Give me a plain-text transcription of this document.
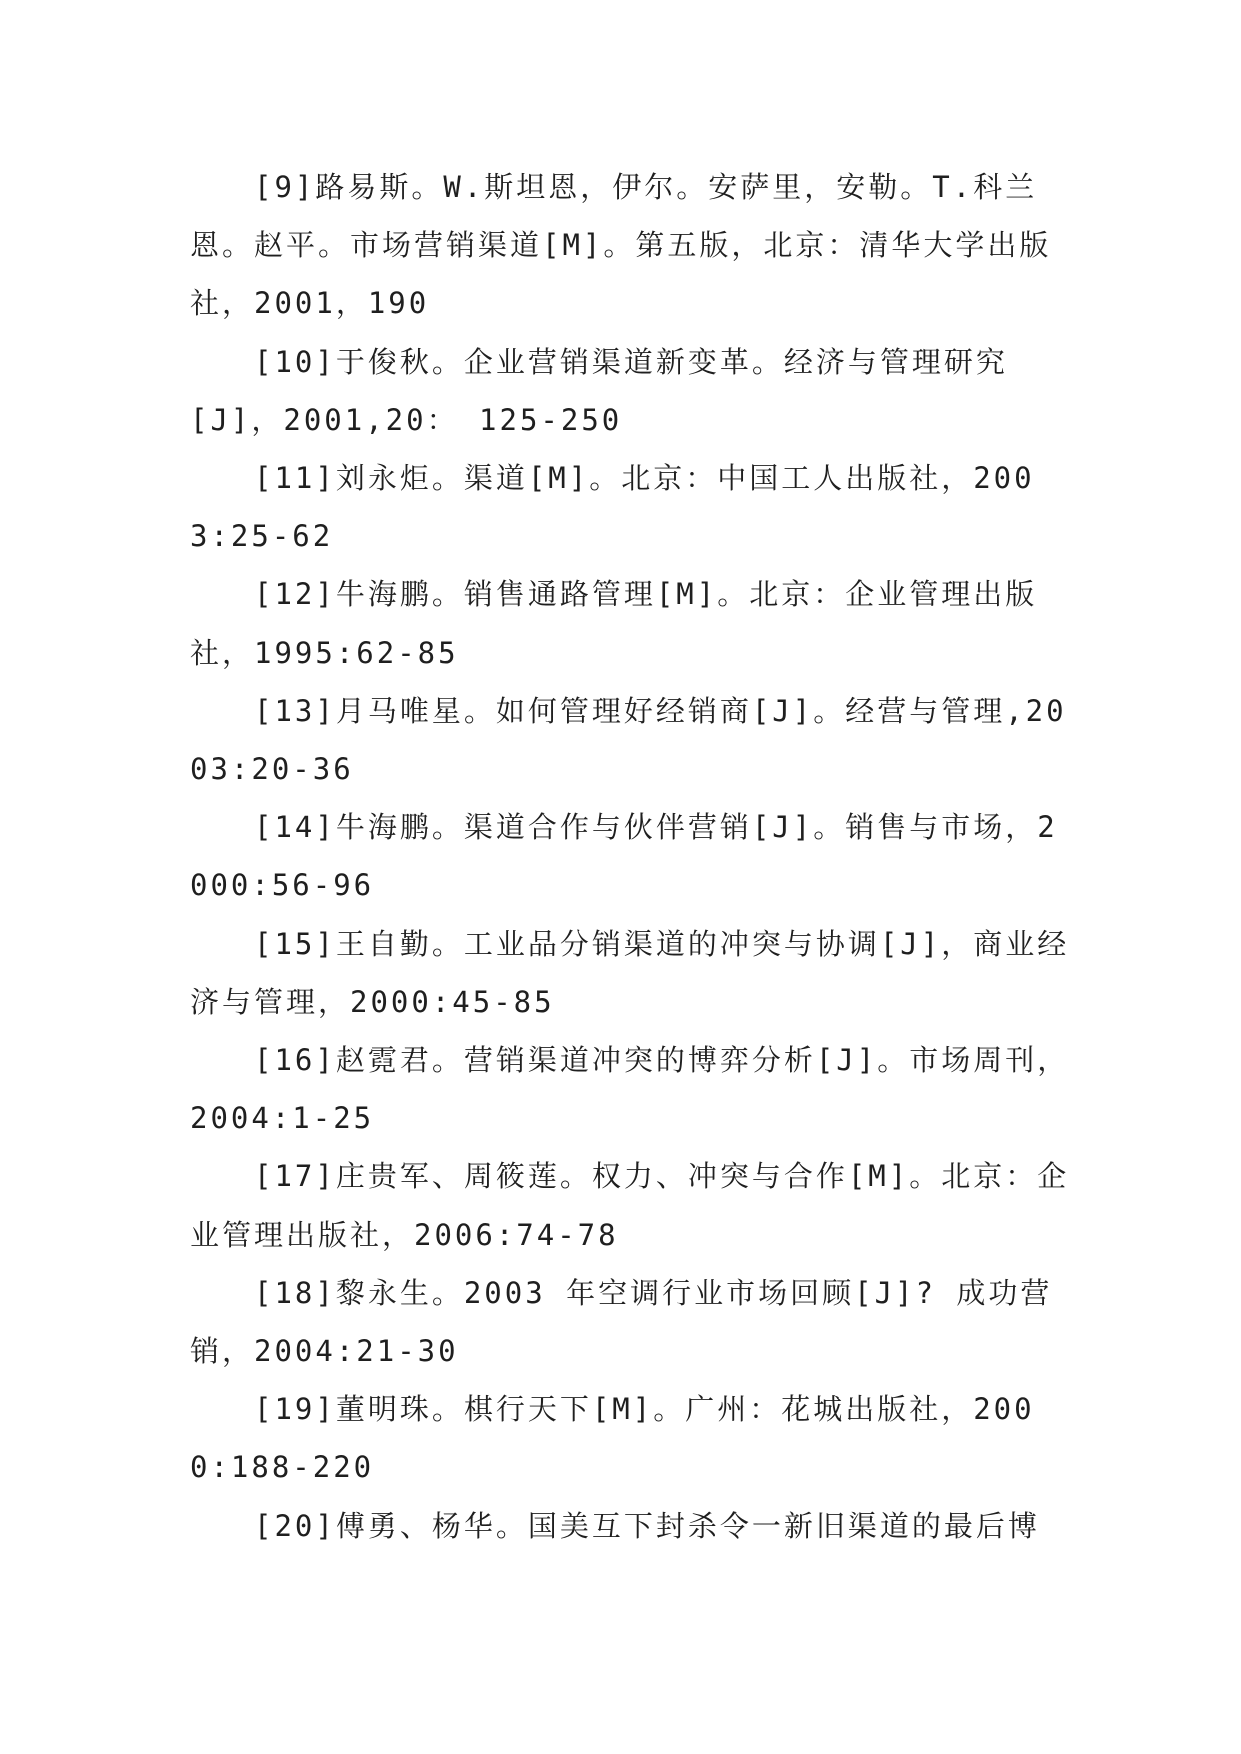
[9]路易斯。W.斯坦恩，伊尔。安萨里，安勒。T.科兰恩。赵平。市场营销渠道[M]。第五版，北京：清华大学出版社，2001，190

[10]于俊秋。企业营销渠道新变革。经济与管理研究[J]，2001,20： 125-250

[11]刘永炬。渠道[M]。北京：中国工人出版社，2003:25-62

[12]牛海鹏。销售通路管理[M]。北京：企业管理出版社，1995:62-85

[13]月马唯星。如何管理好经销商[J]。经营与管理,2003:20-36

[14]牛海鹏。渠道合作与伙伴营销[J]。销售与市场，2000:56-96

[15]王自勤。工业品分销渠道的冲突与协调[J]，商业经济与管理，2000:45-85

[16]赵霓君。营销渠道冲突的博弈分析[J]。市场周刊，2004:1-25

[17]庄贵军、周筱莲。权力、冲突与合作[M]。北京：企业管理出版社，2006:74-78

[18]黎永生。2003 年空调行业市场回顾[J]? 成功营销，2004:21-30

[19]董明珠。棋行天下[M]。广州：花城出版社，2000:188-220

[20]傅勇、杨华。国美互下封杀令一新旧渠道的最后博
